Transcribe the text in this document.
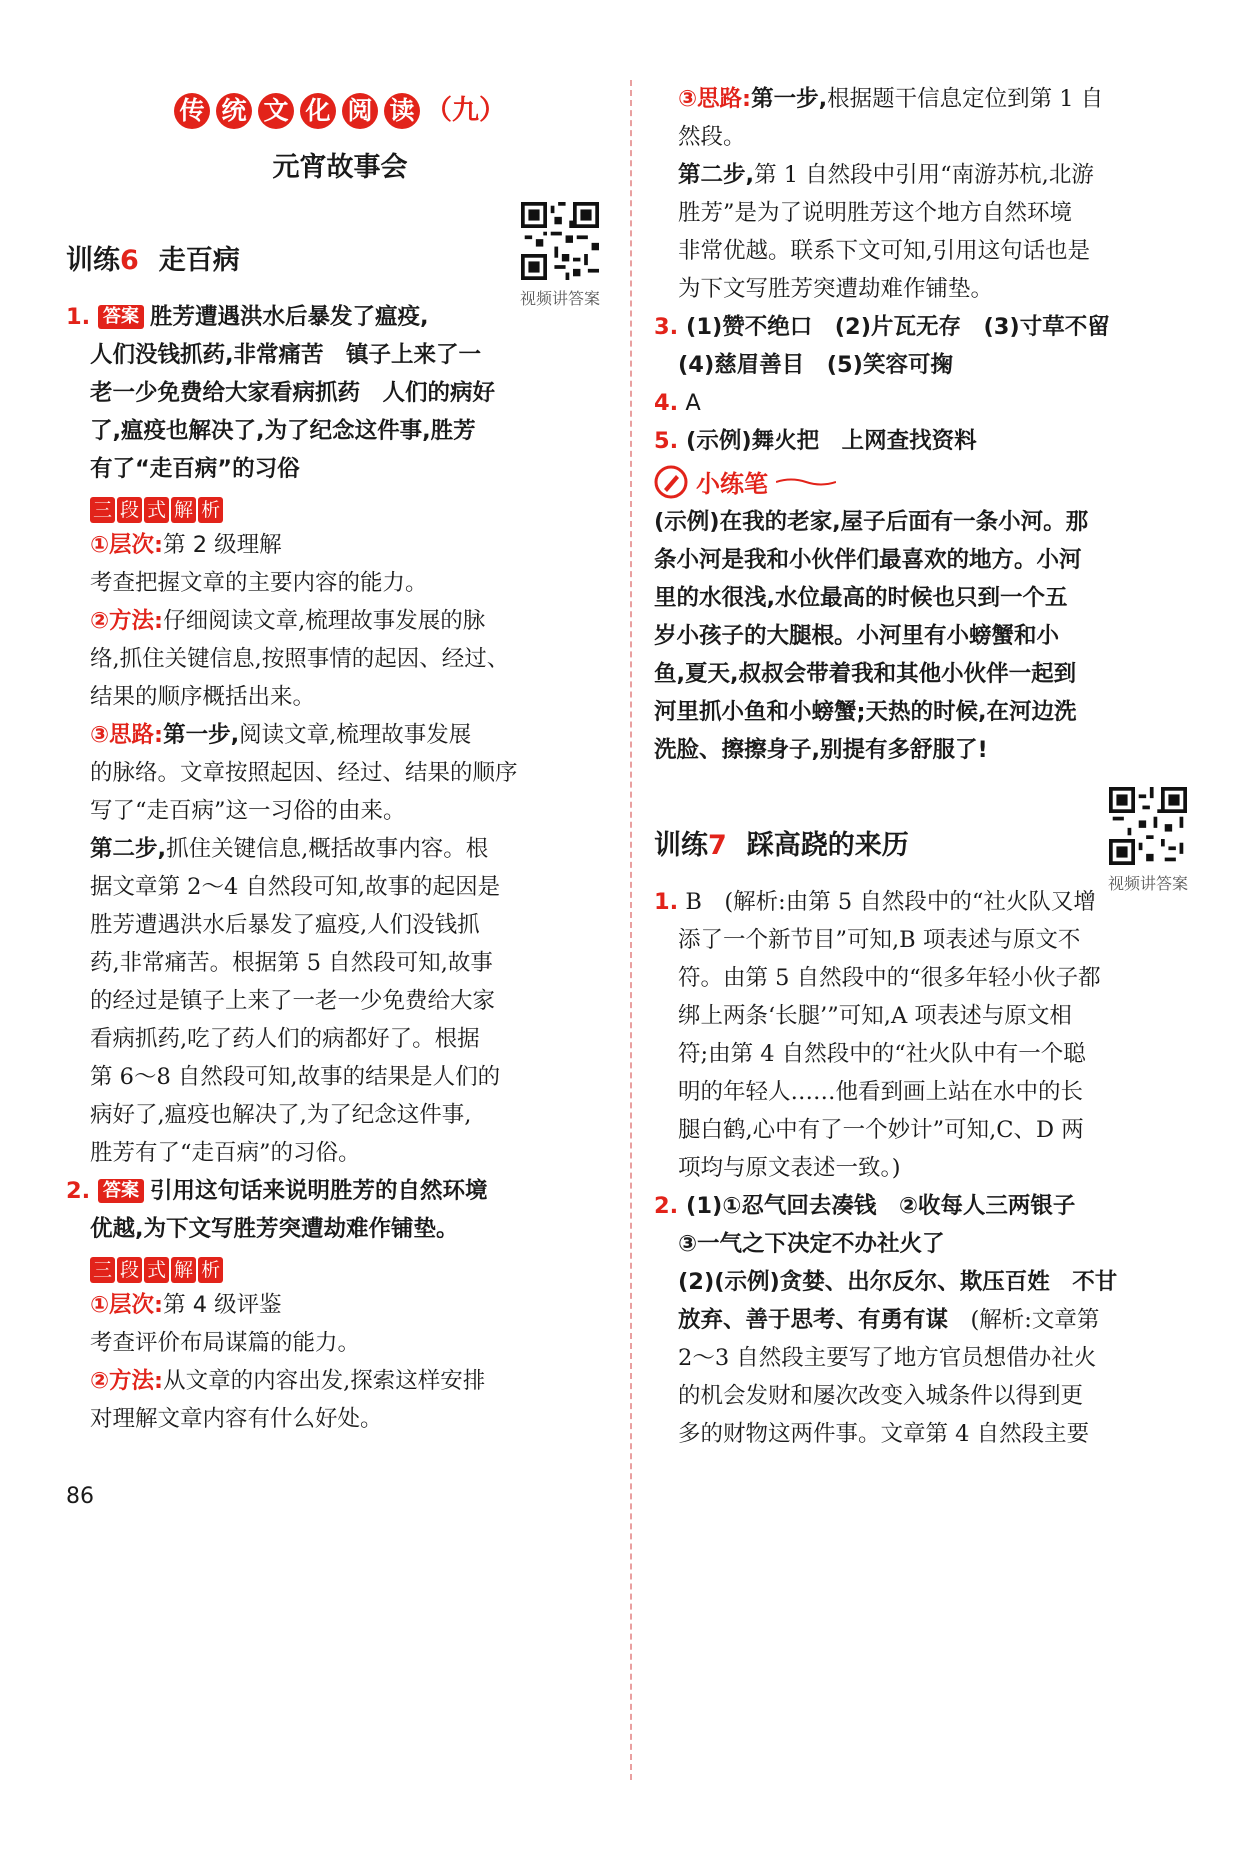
传 统 文 化 阅 读 （九）
元宵故事会
训练6 走百病
视频讲答案
1. 答案 胜芳遭遇洪水后暴发了瘟疫,
人们没钱抓药,非常痛苦　镇子上来了一
老一少免费给大家看病抓药　人们的病好
了,瘟疫也解决了,为了纪念这件事,胜芳
有了“走百病”的习俗
三 段 式 解 析
①层次:第 2 级理解
考查把握文章的主要内容的能力。
②方法:仔细阅读文章,梳理故事发展的脉
络,抓住关键信息,按照事情的起因、经过、
结果的顺序概括出来。
③思路:第一步,阅读文章,梳理故事发展
的脉络。文章按照起因、经过、结果的顺序
写了“走百病”这一习俗的由来。
第二步,抓住关键信息,概括故事内容。根
据文章第 2～4 自然段可知,故事的起因是
胜芳遭遇洪水后暴发了瘟疫,人们没钱抓
药,非常痛苦。根据第 5 自然段可知,故事
的经过是镇子上来了一老一少免费给大家
看病抓药,吃了药人们的病都好了。根据
第 6～8 自然段可知,故事的结果是人们的
病好了,瘟疫也解决了,为了纪念这件事,
胜芳有了“走百病”的习俗。
2. 答案 引用这句话来说明胜芳的自然环境
优越,为下文写胜芳突遭劫难作铺垫。
三 段 式 解 析
①层次:第 4 级评鉴
考查评价布局谋篇的能力。
②方法:从文章的内容出发,探索这样安排
对理解文章内容有什么好处。
③思路:第一步,根据题干信息定位到第 1 自
然段。
第二步,第 1 自然段中引用“南游苏杭,北游
胜芳”是为了说明胜芳这个地方自然环境
非常优越。联系下文可知,引用这句话也是
为下文写胜芳突遭劫难作铺垫。
3. (1)赞不绝口　(2)片瓦无存　(3)寸草不留
(4)慈眉善目　(5)笑容可掬
4. A
5. (示例)舞火把　上网查找资料
小练笔
(示例)在我的老家,屋子后面有一条小河。那
条小河是我和小伙伴们最喜欢的地方。小河
里的水很浅,水位最高的时候也只到一个五
岁小孩子的大腿根。小河里有小螃蟹和小
鱼,夏天,叔叔会带着我和其他小伙伴一起到
河里抓小鱼和小螃蟹;天热的时候,在河边洗
洗脸、擦擦身子,别提有多舒服了!
训练7 踩高跷的来历
视频讲答案
1. B　(解析:由第 5 自然段中的“社火队又增
添了一个新节目”可知,B 项表述与原文不
符。由第 5 自然段中的“很多年轻小伙子都
绑上两条‘长腿’”可知,A 项表述与原文相
符;由第 4 自然段中的“社火队中有一个聪
明的年轻人……他看到画上站在水中的长
腿白鹤,心中有了一个妙计”可知,C、D 两
项均与原文表述一致。)
2. (1)①忍气回去凑钱　②收每人三两银子
③一气之下决定不办社火了
(2)(示例)贪婪、出尔反尔、欺压百姓　不甘
放弃、善于思考、有勇有谋　(解析:文章第
2～3 自然段主要写了地方官员想借办社火
的机会发财和屡次改变入城条件以得到更
多的财物这两件事。文章第 4 自然段主要
86
